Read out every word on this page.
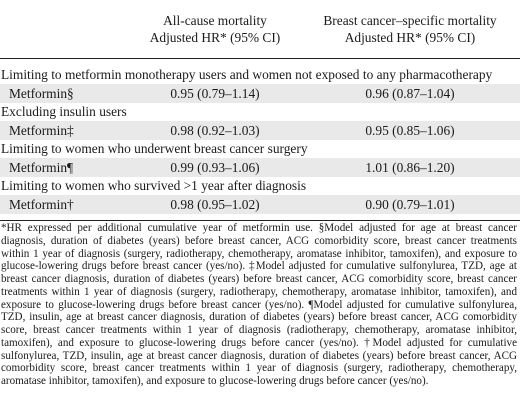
All-cause mortality
Adjusted HR* (95% CI)
Breast cancer–specific mortality
Adjusted HR* (95% CI)
Limiting to metformin monotherapy users and women not exposed to any pharmacotherapy
Metformin§	0.95 (0.79–1.14)	0.96 (0.87–1.04)
Excluding insulin users
Metformin‡	0.98 (0.92–1.03)	0.95 (0.85–1.06)
Limiting to women who underwent breast cancer surgery
Metformin¶	0.99 (0.93–1.06)	1.01 (0.86–1.20)
Limiting to women who survived >1 year after diagnosis
Metformin†	0.98 (0.95–1.02)	0.90 (0.79–1.01)
*HR expressed per additional cumulative year of metformin use. §Model adjusted for age at breast cancer diagnosis, duration of diabetes (years) before breast cancer, ACG comorbidity score, breast cancer treatments within 1 year of diagnosis (surgery, radiotherapy, chemotherapy, aromatase inhibitor, tamoxifen), and exposure to glucose-lowering drugs before breast cancer (yes/no). ‡Model adjusted for cumulative sulfonylurea, TZD, age at breast cancer diagnosis, duration of diabetes (years) before breast cancer, ACG comorbidity score, breast cancer treatments within 1 year of diagnosis (surgery, radiotherapy, chemotherapy, aromatase inhibitor, tamoxifen), and exposure to glucose-lowering drugs before breast cancer (yes/no). ¶Model adjusted for cumulative sulfonylurea, TZD, insulin, age at breast cancer diagnosis, duration of diabetes (years) before breast cancer, ACG comorbidity score, breast cancer treatments within 1 year of diagnosis (radiotherapy, chemotherapy, aromatase inhibitor, tamoxifen), and exposure to glucose-lowering drugs before cancer (yes/no). †Model adjusted for cumulative sulfonylurea, TZD, insulin, age at breast cancer diagnosis, duration of diabetes (years) before breast cancer, ACG comorbidity score, breast cancer treatments within 1 year of diagnosis (surgery, radiotherapy, chemotherapy, aromatase inhibitor, tamoxifen), and exposure to glucose-lowering drugs before cancer (yes/no).
